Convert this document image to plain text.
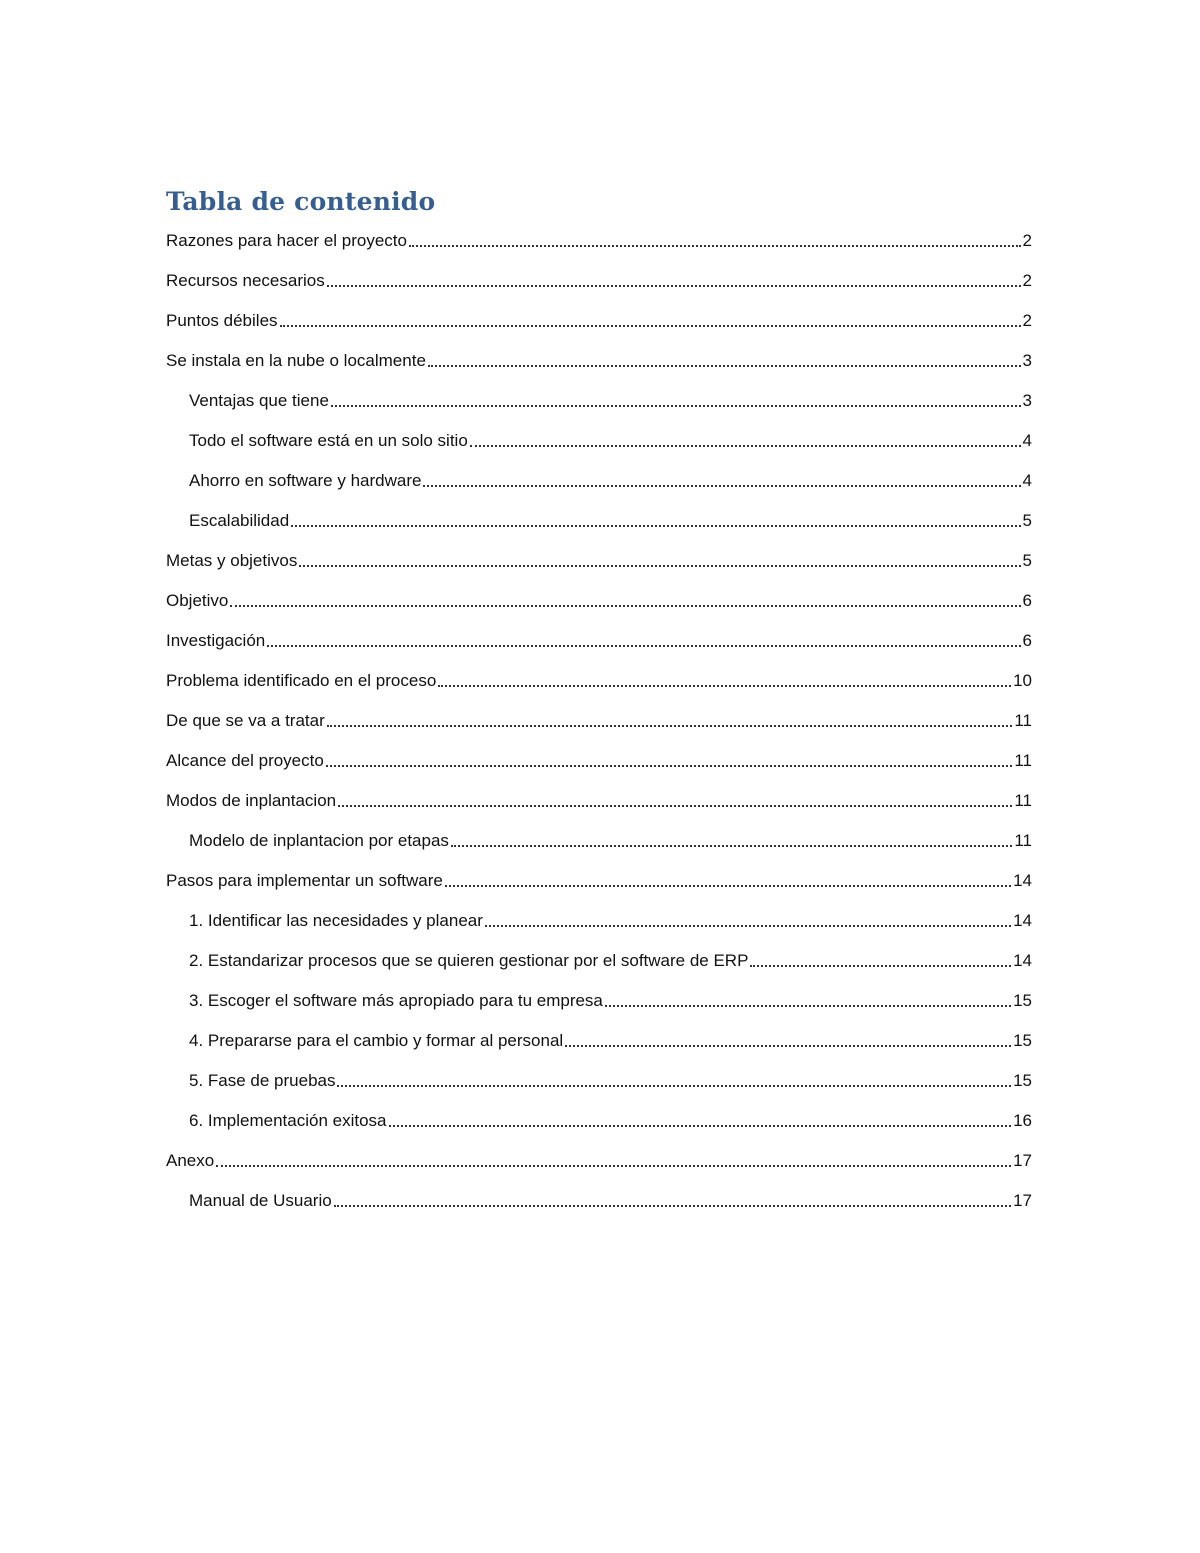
Tabla de contenido
Razones para hacer el proyecto	2
Recursos necesarios	2
Puntos débiles	2
Se instala en la nube o localmente	3
Ventajas que tiene	3
Todo el software está en un solo sitio	4
Ahorro en software y hardware	4
Escalabilidad	5
Metas y objetivos	5
Objetivo	6
Investigación	6
Problema identificado en el proceso	10
De que se va a tratar	11
Alcance del proyecto	11
Modos de inplantacion	11
Modelo de inplantacion por etapas	11
Pasos para implementar un software	14
1. Identificar las necesidades y planear	14
2. Estandarizar procesos que se quieren gestionar por el software de ERP	14
3. Escoger el software más apropiado para tu empresa	15
4. Prepararse para el cambio y formar al personal	15
5. Fase de pruebas	15
6. Implementación exitosa	16
Anexo	17
Manual de Usuario	17
